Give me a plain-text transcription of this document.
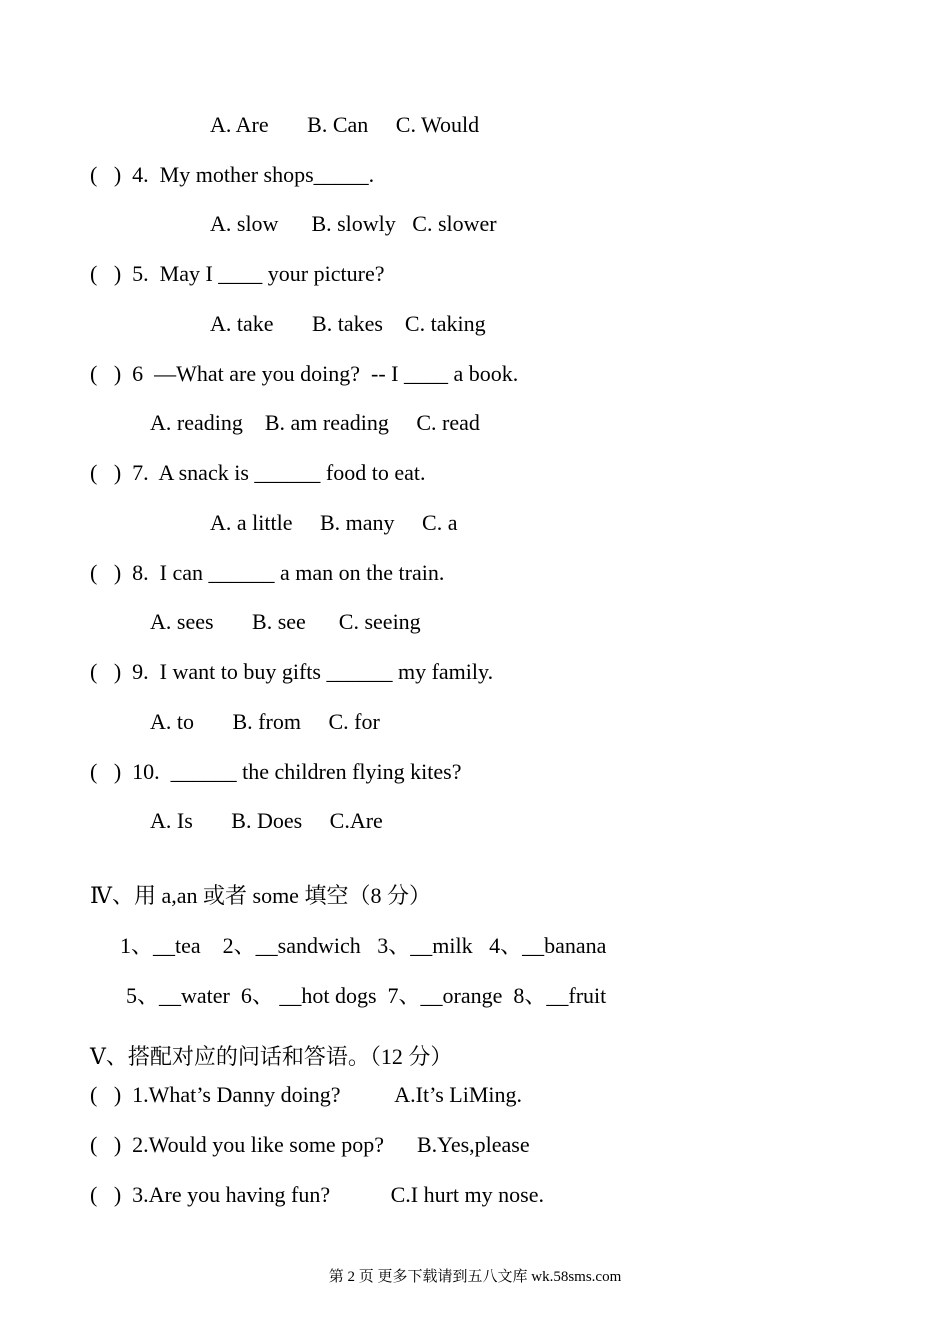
A. Are       B. Can     C. Would
(   )  4.  My mother shops_____.
A. slow      B. slowly   C. slower
(   )  5.  May I ____ your picture?
A. take       B. takes    C. taking
(   )  6  —What are you doing?  -- I ____ a book.
A. reading    B. am reading     C. read
(   )  7.  A snack is ______ food to eat.
A. a little     B. many     C. a
(   )  8.  I can ______ a man on the train.
A. sees       B. see      C. seeing
(   )  9.  I want to buy gifts ______ my family.
A. to       B. from     C. for
(   )  10.  ______ the children flying kites?
A. Is       B. Does     C.Are
Ⅳ、用 a,an 或者 some 填空（8 分）
1、__tea    2、__sandwich   3、__milk   4、__banana
5、__water  6、 __hot dogs  7、__orange  8、__fruit
Ⅴ、搭配对应的问话和答语。（12 分）
(   )  1.What’s Danny doing?          A.It’s LiMing.
(   )  2.Would you like some pop?      B.Yes,please
(   )  3.Are you having fun?           C.I hurt my nose.
第 2 页 更多下载请到五八文库 wk.58sms.com
